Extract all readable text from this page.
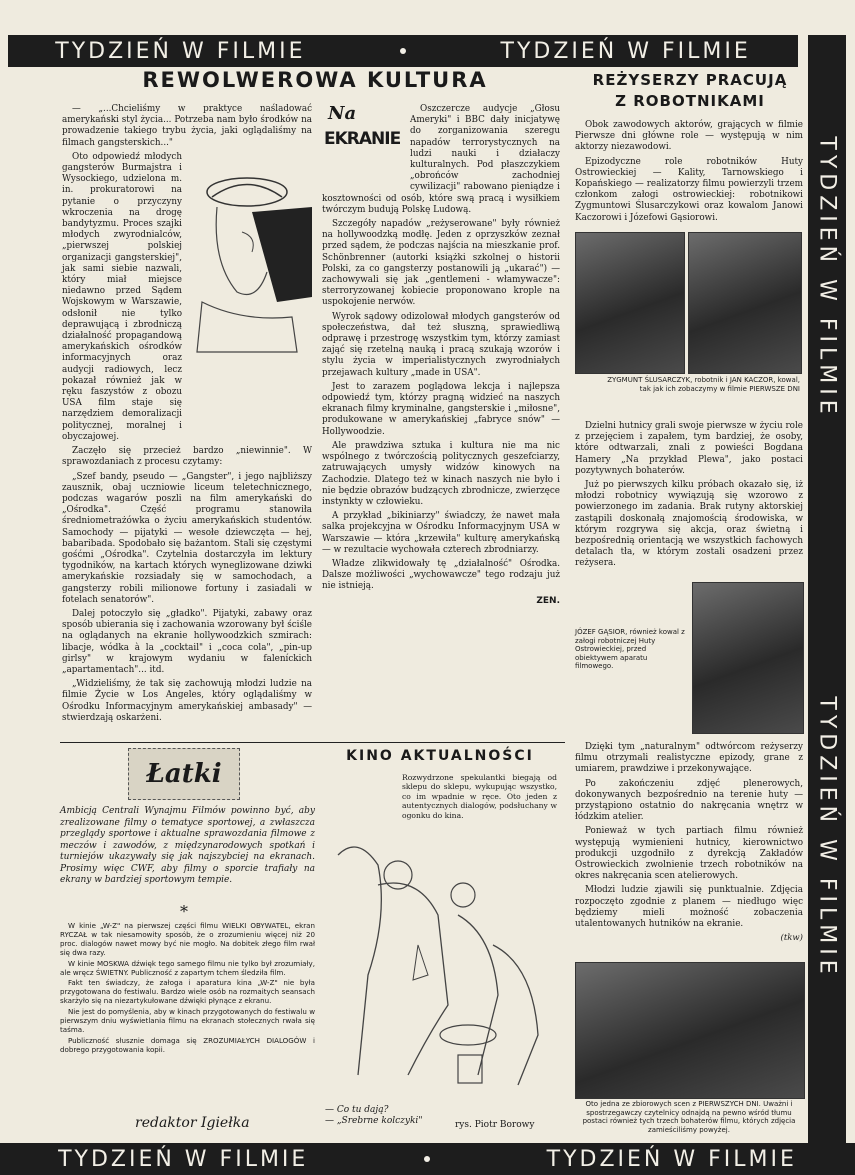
TYDZIEŃ W FILMIE	TYDZIEŃ W FILMIE
TYDZIEŃ W FILMIE
TYDZIEŃ W FILMIE
TYDZIEŃ W FILMIE	TYDZIEŃ W FILMIE
REWOLWEROWA KULTURA

— „...Chcieliśmy w praktyce naśladować amerykański styl życia... Potrzeba nam było środków na prowadzenie takiego trybu życia, jaki oglądaliśmy na filmach gangsterskich..."

Oto odpowiedź młodych gangsterów Burmajstra i Wysockiego, udzielona m. in. prokuratorowi na pytanie o przyczyny wkroczenia na drogę bandytyzmu. Proces szajki młodych zwyrodnialców, „pierwszej polskiej organizacji gangsterskiej", jak sami siebie nazwali, który miał miejsce niedawno przed Sądem Wojskowym w Warszawie, odsłonił nie tylko deprawującą i zbrodniczą działalność propagandową amerykańskich ośrodków informacyjnych oraz audycji radiowych, lecz pokazał również jak w ręku faszystów z obozu USA film staje się narzędziem demoralizacji politycznej, moralnej i obyczajowej.

Zaczęło się przecież bardzo „niewinnie". W sprawozdaniach z procesu czytamy:

„Szef bandy, pseudo — „Gangster", i jego najbliższy zausznik, obaj uczniowie liceum teletechnicznego, podczas wagarów poszli na film amerykański do „Ośrodka". Część programu stanowiła średniometrażówka o życiu amerykańskich studentów. Samochody — pijatyki — wesołe dziewczęta — hej, babaribada. Spodobało się bażantom. Stali się częstymi gośćmi „Ośrodka". Czytelnia dostarczyła im lektury tygodników, na kartach których wyneglizowane dziwki amerykańskie rozsiadały się w samochodach, a gangsterzy robili milionowe fortuny i zasiadali w fotelach senatorów".

Dalej potoczyło się „gładko". Pijatyki, zabawy oraz sposób ubierania się i zachowania wzorowany był ściśle na oglądanych na ekranie hollywoodzkich szmirach: libacje, wódka à la „cocktail" i „coca cola", „pin-up girlsy" w krajowym wydaniu w faleníckich „apartamentach"... itd.

„Widzieliśmy, że tak się zachowują młodzi ludzie na filmie Życie w Los Angeles, który oglądaliśmy w Ośrodku Informacyjnym amerykańskiej ambasady" — stwierdzają oskarżeni.

Na
EKRANIE

Oszczercze audycje „Głosu Ameryki" i BBC dały inicjatywę do zorganizowania szeregu napadów terrorystycznych na ludzi nauki i działaczy kulturalnych. Pod płaszczykiem „obrońców zachodniej cywilizacji" rabowano pieniądze i kosztowności od osób, które swą pracą i wysiłkiem twórczym budują Polskę Ludową.

Szczegóły napadów „reżyserowane" były również na hollywoodzką modłę. Jeden z oprzyszków zeznał przed sądem, że podczas najścia na mieszkanie prof. Schönbrenner (autorki książki szkolnej o historii Polski, za co gangsterzy postanowili ją „ukarać") — zachowywali się jak „gentlemeni - włamywacze": sterroryzowanej kobiecie proponowano krople na uspokojenie nerwów.

Wyrok sądowy odizolował młodych gangsterów od społeczeństwa, dał też słuszną, sprawiedliwą odprawę i przestrogę wszystkim tym, którzy zamiast zająć się rzetelną nauką i pracą szukają wzorów i stylu życia w imperialistycznych zwyrodniałych przejawach kultury „made in USA".

Jest to zarazem poglądowa lekcja i najlepsza odpowiedź tym, którzy pragną widzieć na naszych ekranach filmy kryminalne, gangsterskie i „miłosne", produkowane w amerykańskiej „fabryce snów" — Hollywoodzie.

Ale prawdziwa sztuka i kultura nie ma nic wspólnego z twórczością politycznych geszefciarzy, zatruwających umysły widzów kinowych na Zachodzie. Dlatego też w kinach naszych nie było i nie będzie obrazów budzących zbrodnicze, zwierzęce instynkty w człowieku.

A przykład „bikiniarzy" świadczy, że nawet mała salka projekcyjna w Ośrodku Informacyjnym USA w Warszawie — która „krzewiła" kulturę amerykańską — w rezultacie wychowała czterech zbrodniarzy.

Władze zlikwidowały tę „działalność" Ośrodka. Dalsze możliwości „wychowawcze" tego rodzaju już nie istnieją.

ZEN.
REŻYSERZY PRACUJĄ Z ROBOTNIKAMI

Obok zawodowych aktorów, grających w filmie Pierwsze dni główne role — występują w nim aktorzy niezawodowi.

Epizodyczne role robotników Huty Ostrowieckiej — Kality, Tarnowskiego i Kopańskiego — realizatorzy filmu powierzyli trzem członkom załogi ostrowieckiej: robotnikowi Zygmuntowi Ślusarczykowi oraz kowalom Janowi Kaczorowi i Józefowi Gąsiorowi.

ZYGMUNT ŚLUSARCZYK, robotnik i JAN KACZOR, kowal, tak jak ich zobaczymy w filmie PIERWSZE DNI

Dzielni hutnicy grali swoje pierwsze w życiu role z przejęciem i zapałem, tym bardziej, że osoby, które odtwarzali, znali z powieści Bogdana Hamery „Na przykład Plewa", jako postaci pozytywnych bohaterów.

Już po pierwszych kilku próbach okazało się, iż młodzi robotnicy wywiązują się wzorowo z powierzonego im zadania. Brak rutyny aktorskiej zastąpili doskonałą znajomością środowiska, w którym rozgrywa się akcja, oraz świetną i bezpośrednią orientacją we wszystkich fachowych detalach tła, w którym zostali osadzeni przez reżysera.

JÓZEF GĄSIOR, również kowal z załogi robotniczej Huty Ostrowieckiej, przed obiektywem aparatu filmowego.

Dzięki tym „naturalnym" odtwórcom reżyserzy filmu otrzymali realistyczne epizody, grane z umiarem, prawdziwe i przekonywające.

Po zakończeniu zdjęć plenerowych, dokonywanych bezpośrednio na terenie huty — przystąpiono ostatnio do nakręcania wnętrz w łódzkim atelier.

Ponieważ w tych partiach filmu również występują wymienieni hutnicy, kierownictwo produkcji uzgodniło z dyrekcją Zakładów Ostrowieckich zwolnienie trzech robotników na okres nakręcania scen atelierowych.

Młodzi ludzie zjawili się punktualnie. Zdjęcia rozpoczęto zgodnie z planem — niedługo więc będziemy mieli możność zobaczenia utalentowanych hutników na ekranie.

(tkw)
Oto jedna ze zbiorowych scen z PIERWSZYCH DNI. Uważni i spostrzegawczy czytelnicy odnajdą na pewno wśród tłumu postaci również tych trzech bohaterów filmu, których zdjęcia zamieściliśmy powyżej.
Łatki
Ambicją Centrali Wynajmu Filmów powinno być, aby zrealizowane filmy o tematyce sportowej, a zwłaszcza przeglądy sportowe i aktualne sprawozdania filmowe z meczów i zawodów, z międzynarodowych spotkań i turniejów ukazywały się jak najszybciej na ekranach. Prosimy więc CWF, aby filmy o sporcie trafiały na ekrany w bardziej sportowym tempie.
*

W kinie „W-Z" na pierwszej części filmu WIELKI OBYWATEL, ekran RYCZAŁ w tak niesamowity sposób, że o zrozumieniu więcej niż 20 proc. dialogów nawet mowy być nie mogło. Na dobitek złego film rwał się dwa razy.

W kinie MOSKWA dźwięk tego samego filmu nie tylko był zrozumiały, ale wręcz ŚWIETNY. Publiczność z zapartym tchem śledziła film.

Fakt ten świadczy, że załoga i aparatura kina „W-Z" nie była przygotowana do festiwalu. Bardzo wiele osób na rozmaitych seansach skarżyło się na niezartykułowane dźwięki płynące z ekranu.

Nie jest do pomyślenia, aby w kinach przygotowanych do festiwalu w pierwszym dniu wyświetlania filmu na ekranach stołecznych rwała się taśma.

Publiczność słusznie domaga się ZROZUMIAŁYCH DIALOGÓW i dobrego przygotowania kopii.

redaktor Igiełka
KINO AKTUALNOŚCI
Rozwydrzone spekulantki biegają od sklepu do sklepu, wykupując wszystko, co im wpadnie w ręce. Oto jeden z autentycznych dialogów, podsłuchany w ogonku do kina.
— Co tu dają?
— „Srebrne kolczyki"	rys. Piotr Borowy
